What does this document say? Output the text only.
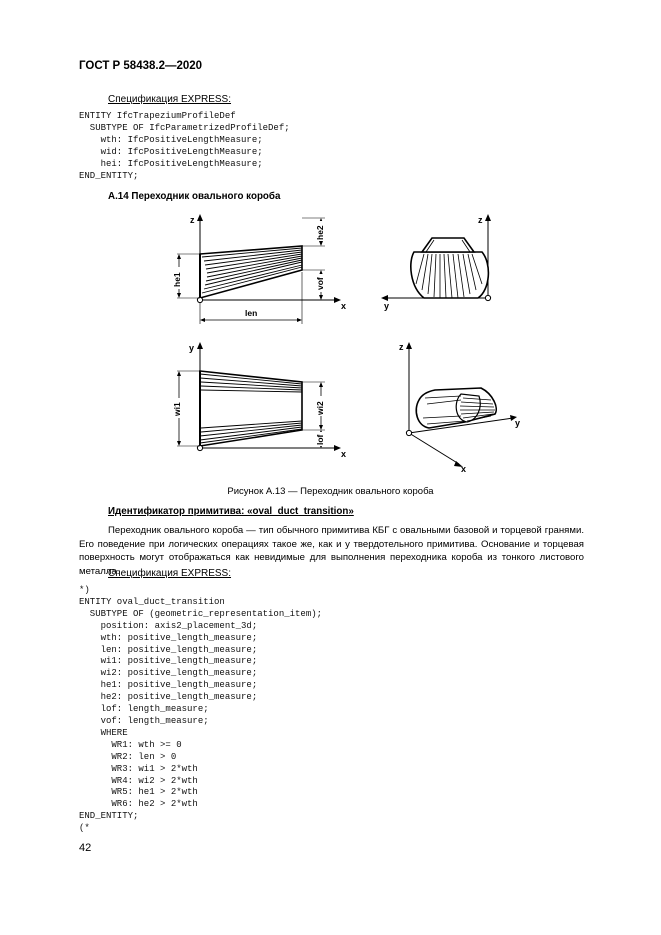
ГОСТ Р 58438.2—2020
Спецификация EXPRESS:
ENTITY IfcTrapeziumProfileDef
SUBTYPE OF IfcParametrizedProfileDef;
wth: IfcPositiveLengthMeasure;
wid: IfcPositiveLengthMeasure;
hei: IfcPositiveLengthMeasure;
END_ENTITY;
A.14 Переходник овального короба
z
x
he1
he2
vof
len
z
y
y
x
wi1	wi2
lof
z
y
x
Рисунок А.13 — Переходник овального короба
Идентификатор примитива: «oval_duct_transition»

Переходник овального короба — тип обычного примитива КБГ с овальными базовой и торцевой гранями. Его поведение при логических операциях такое же, как и у твердотельного примитива. Основание и торцевая поверхность могут отображаться как невидимые для выполнения переходника короба из тонкого листового металла.

Спецификация EXPRESS:
*)
ENTITY oval_duct_transition
SUBTYPE OF (geometric_representation_item);
position: axis2_placement_3d;
wth: positive_length_measure;
len: positive_length_measure;
wi1: positive_length_measure;
wi2: positive_length_measure;
he1: positive_length_measure;
he2: positive_length_measure;
lof: length_measure;
vof: length_measure;
WHERE
WR1: wth >= 0
WR2: len > 0
WR3: wi1 > 2*wth
WR4: wi2 > 2*wth
WR5: he1 > 2*wth
WR6: he2 > 2*wth
END_ENTITY;
(*
42
